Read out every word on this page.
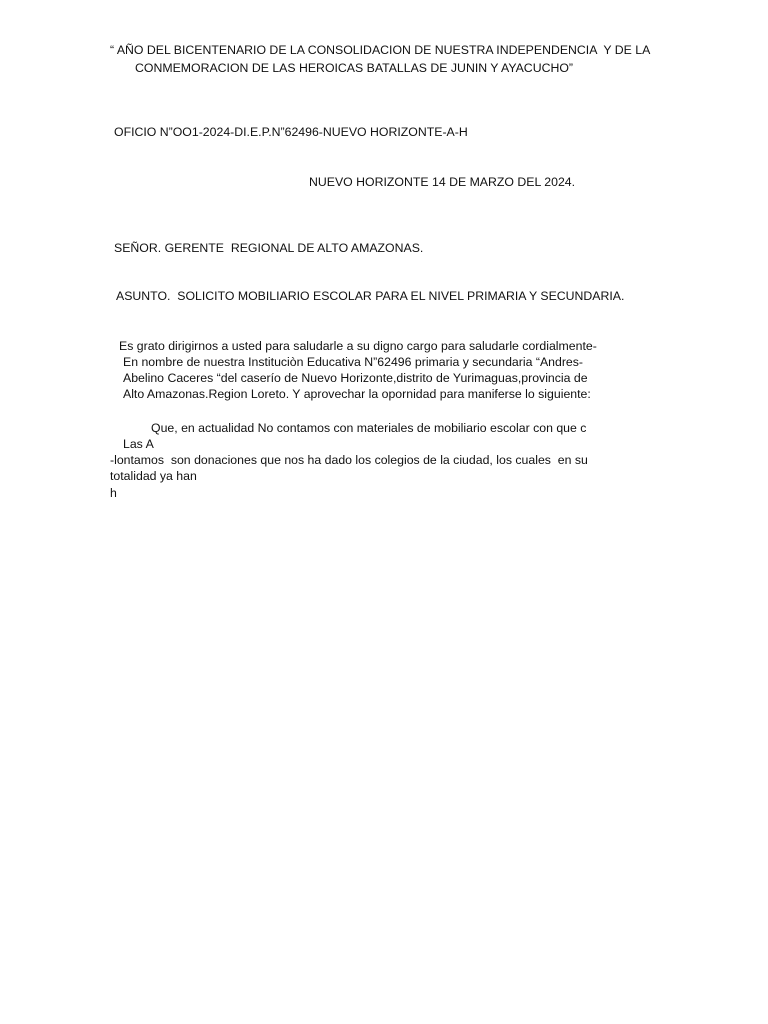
“ AÑO DEL BICENTENARIO DE LA CONSOLIDACION DE NUESTRA INDEPENDENCIA  Y DE LA
CONMEMORACION DE LAS HEROICAS BATALLAS DE JUNIN Y AYACUCHO”
OFICIO N”OO1-2024-DI.E.P.N”62496-NUEVO HORIZONTE-A-H
NUEVO HORIZONTE 14 DE MARZO DEL 2024.
SEÑOR. GERENTE  REGIONAL DE ALTO AMAZONAS.
ASUNTO.  SOLICITO MOBILIARIO ESCOLAR PARA EL NIVEL PRIMARIA Y SECUNDARIA.
Es grato dirigirnos a usted para saludarle a su digno cargo para saludarle cordialmente-
En nombre de nuestra Instituciòn Educativa N”62496 primaria y secundaria “Andres-
Abelino Caceres “del caserío de Nuevo Horizonte,distrito de Yurimaguas,provincia de
Alto Amazonas.Region Loreto. Y aprovechar la opornidad para maniferse lo siguiente:
Que, en actualidad No contamos con materiales de mobiliario escolar con que c
Las A
-lontamos  son donaciones que nos ha dado los colegios de la ciudad, los cuales  en su
totalidad ya han
h
